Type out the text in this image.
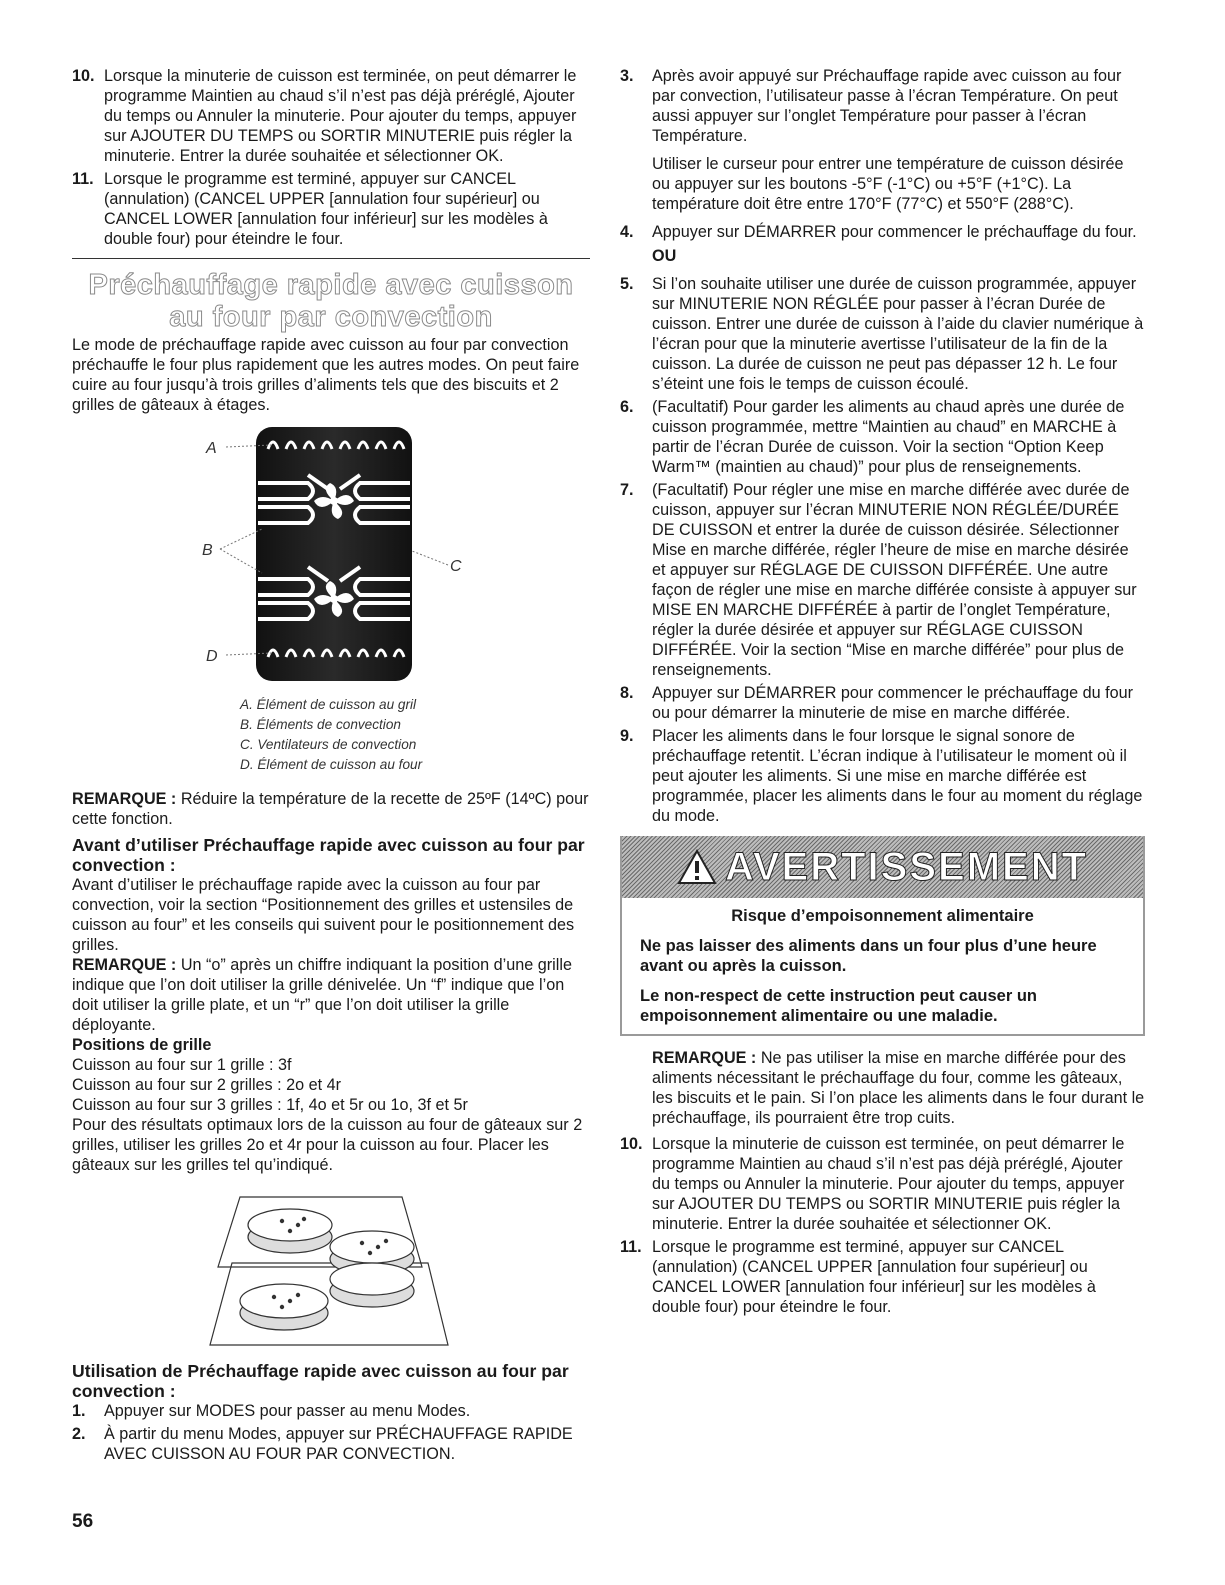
10. Lorsque la minuterie de cuisson est terminée, on peut démarrer le programme Maintien au chaud s’il n’est pas déjà préréglé, Ajouter du temps ou Annuler la minuterie. Pour ajouter du temps, appuyer sur AJOUTER DU TEMPS ou SORTIR MINUTERIE puis régler la minuterie. Entrer la durée souhaitée et sélectionner OK.

11. Lorsque le programme est terminé, appuyer sur CANCEL (annulation) (CANCEL UPPER [annulation four supérieur] ou CANCEL LOWER [annulation four inférieur] sur les modèles à double four) pour éteindre le four.

Préchauffage rapide avec cuisson au four par convection

Le mode de préchauffage rapide avec cuisson au four par convection préchauffe le four plus rapidement que les autres modes. On peut faire cuire au four jusqu’à trois grilles d’aliments tels que des biscuits et 2 grilles de gâteaux à étages.

A
B
C
D
A. Élément de cuisson au gril
B. Éléments de convection
C. Ventilateurs de convection
D. Élément de cuisson au four

REMARQUE : Réduire la température de la recette de 25ºF (14ºC) pour cette fonction.

Avant d’utiliser Préchauffage rapide avec cuisson au four par convection :

Avant d’utiliser le préchauffage rapide avec la cuisson au four par convection, voir la section “Positionnement des grilles et ustensiles de cuisson au four” et les conseils qui suivent pour le positionnement des grilles.

REMARQUE : Un “o” après un chiffre indiquant la position d’une grille indique que l’on doit utiliser la grille dénivelée. Un “f” indique que l’on doit utiliser la grille plate, et un “r” que l’on doit utiliser la grille déployante.

Positions de grille

Cuisson au four sur 1 grille : 3f

Cuisson au four sur 2 grilles : 2o et 4r

Cuisson au four sur 3 grilles : 1f, 4o et 5r ou 1o, 3f et 5r

Pour des résultats optimaux lors de la cuisson au four de gâteaux sur 2 grilles, utiliser les grilles 2o et 4r pour la cuisson au four. Placer les gâteaux sur les grilles tel qu’indiqué.

Utilisation de Préchauffage rapide avec cuisson au four par convection :
1. Appuyer sur MODES pour passer au menu Modes.

2. À partir du menu Modes, appuyer sur PRÉCHAUFFAGE RAPIDE AVEC CUISSON AU FOUR PAR CONVECTION.

3. Après avoir appuyé sur Préchauffage rapide avec cuisson au four par convection, l’utilisateur passe à l’écran Température. On peut aussi appuyer sur l’onglet Température pour passer à l’écran Température.

Utiliser le curseur pour entrer une température de cuisson désirée ou appuyer sur les boutons -5°F (-1°C) ou +5°F (+1°C). La température doit être entre 170°F (77°C) et 550°F (288°C).

4. Appuyer sur DÉMARRER pour commencer le préchauffage du four.

OU

5. Si l’on souhaite utiliser une durée de cuisson programmée, appuyer sur MINUTERIE NON RÉGLÉE pour passer à l’écran Durée de cuisson. Entrer une durée de cuisson à l’aide du clavier numérique à l’écran pour que la minuterie avertisse l’utilisateur de la fin de la cuisson. La durée de cuisson ne peut pas dépasser 12 h. Le four s’éteint une fois le temps de cuisson écoulé.

6. (Facultatif) Pour garder les aliments au chaud après une durée de cuisson programmée, mettre “Maintien au chaud” en MARCHE à partir de l’écran Durée de cuisson. Voir la section “Option Keep Warm™ (maintien au chaud)” pour plus de renseignements.

7. (Facultatif) Pour régler une mise en marche différée avec durée de cuisson, appuyer sur l’écran MINUTERIE NON RÉGLÉE/DURÉE DE CUISSON et entrer la durée de cuisson désirée. Sélectionner Mise en marche différée, régler l’heure de mise en marche désirée et appuyer sur RÉGLAGE DE CUISSON DIFFÉRÉE. Une autre façon de régler une mise en marche différée consiste à appuyer sur MISE EN MARCHE DIFFÉRÉE à partir de l’onglet Température, régler la durée désirée et appuyer sur RÉGLAGE CUISSON DIFFÉRÉE. Voir la section “Mise en marche différée” pour plus de renseignements.

8. Appuyer sur DÉMARRER pour commencer le préchauffage du four ou pour démarrer la minuterie de mise en marche différée.

9. Placer les aliments dans le four lorsque le signal sonore de préchauffage retentit. L’écran indique à l’utilisateur le moment où il peut ajouter les aliments. Si une mise en marche différée est programmée, placer les aliments dans le four au moment du réglage du mode.

AVERTISSEMENT

Risque d’empoisonnement alimentaire

Ne pas laisser des aliments dans un four plus d’une heure avant ou après la cuisson.

Le non-respect de cette instruction peut causer un empoisonnement alimentaire ou une maladie.

REMARQUE : Ne pas utiliser la mise en marche différée pour des aliments nécessitant le préchauffage du four, comme les gâteaux, les biscuits et le pain. Si l’on place les aliments dans le four durant le préchauffage, ils pourraient être trop cuits.

10. Lorsque la minuterie de cuisson est terminée, on peut démarrer le programme Maintien au chaud s’il n’est pas déjà préréglé, Ajouter du temps ou Annuler la minuterie. Pour ajouter du temps, appuyer sur AJOUTER DU TEMPS ou SORTIR MINUTERIE puis régler la minuterie. Entrer la durée souhaitée et sélectionner OK.

11. Lorsque le programme est terminé, appuyer sur CANCEL (annulation) (CANCEL UPPER [annulation four supérieur] ou CANCEL LOWER [annulation four inférieur] sur les modèles à double four) pour éteindre le four.

56
